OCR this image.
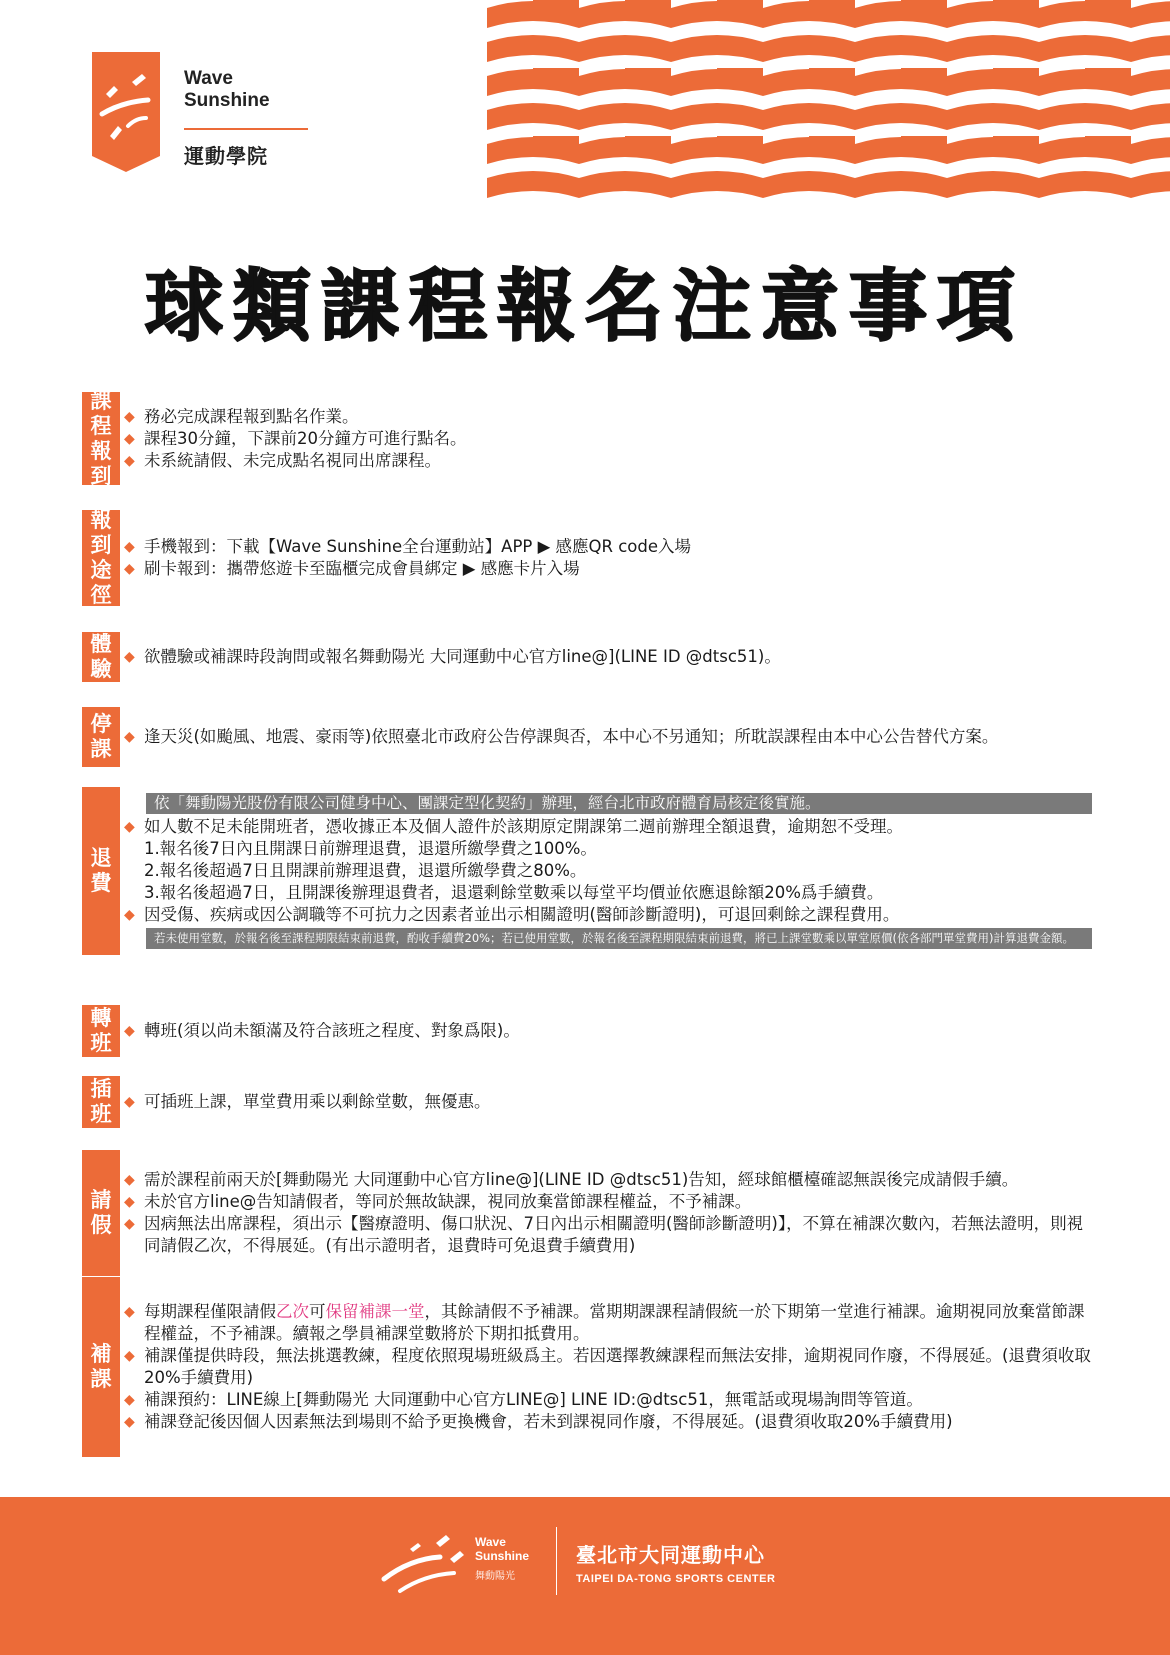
Wave
Sunshine
運動學院
球類課程報名注意事項
課
程
報
到
◆ 務必完成課程報到點名作業。
◆ 課程30分鐘，下課前20分鐘方可進行點名。
◆ 未系統請假、未完成點名視同出席課程。
報
到
途
徑
◆ 手機報到：下載【Wave Sunshine全台運動站】APP ▶ 感應QR code入場
◆ 刷卡報到：攜帶悠遊卡至臨櫃完成會員綁定 ▶ 感應卡片入場
體
驗
◆ 欲體驗或補課時段詢問或報名舞動陽光 大同運動中心官方line@](LINE ID @dtsc51)。
停
課
◆ 逢天災(如颱風、地震、豪雨等)依照臺北市政府公告停課與否，本中心不另通知；所耽誤課程由本中心公告替代方案。
退
費
依「舞動陽光股份有限公司健身中心、團課定型化契約」辦理，經台北市政府體育局核定後實施。
◆ 如人數不足未能開班者，憑收據正本及個人證件於該期原定開課第二週前辦理全額退費，逾期恕不受理。
1.報名後7日內且開課日前辦理退費，退還所繳學費之100%。
2.報名後超過7日且開課前辦理退費，退還所繳學費之80%。
3.報名後超過7日，且開課後辦理退費者，退還剩餘堂數乘以每堂平均價並依應退餘額20%爲手續費。
◆ 因受傷、疾病或因公調職等不可抗力之因素者並出示相關證明(醫師診斷證明)，可退回剩餘之課程費用。
若未使用堂數，於報名後至課程期限結束前退費，酌收手續費20%；若已使用堂數，於報名後至課程期限結束前退費，將已上課堂數乘以單堂原價(依各部門單堂費用)計算退費金額。
轉
班
◆ 轉班(須以尚未額滿及符合該班之程度、對象爲限)。
插
班
◆ 可插班上課，單堂費用乘以剩餘堂數，無優惠。
請
假
◆ 需於課程前兩天於[舞動陽光 大同運動中心官方line@](LINE ID @dtsc51)告知，經球館櫃檯確認無誤後完成請假手續。
◆ 未於官方line@告知請假者，等同於無故缺課，視同放棄當節課程權益，不予補課。
◆ 因病無法出席課程，須出示【醫療證明、傷口狀況、7日內出示相關證明(醫師診斷證明)】，不算在補課次數內，若無法證明，則視同請假乙次，不得展延。(有出示證明者，退費時可免退費手續費用)
補
課
◆ 每期課程僅限請假乙次可保留補課一堂，其餘請假不予補課。當期期課課程請假統一於下期第一堂進行補課。逾期視同放棄當節課程權益，不予補課。續報之學員補課堂數將於下期扣抵費用。
◆ 補課僅提供時段，無法挑選教練，程度依照現場班級爲主。若因選擇教練課程而無法安排，逾期視同作廢，不得展延。(退費須收取20%手續費用)
◆ 補課預約：LINE線上[舞動陽光 大同運動中心官方LINE@] LINE ID:@dtsc51，無電話或現場詢問等管道。
◆ 補課登記後因個人因素無法到場則不給予更換機會，若未到課視同作廢，不得展延。(退費須收取20%手續費用)
Wave
Sunshine
舞動陽光
臺北市大同運動中心
TAIPEI DA-TONG SPORTS CENTER
